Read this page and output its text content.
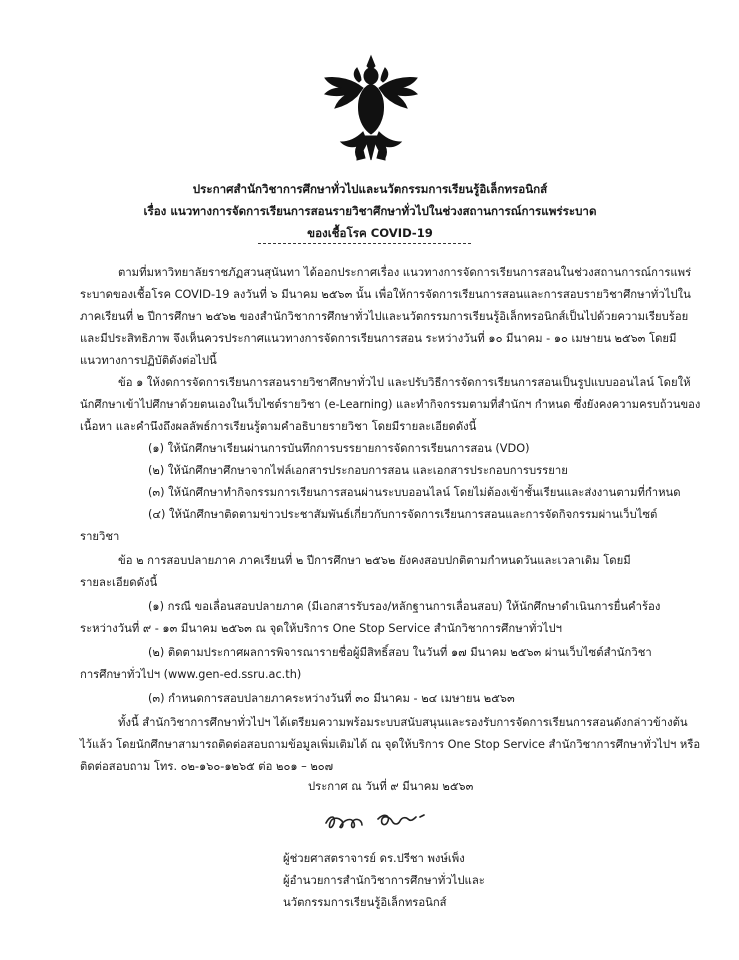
ประกาศสำนักวิชาการศึกษาทั่วไปและนวัตกรรมการเรียนรู้อิเล็กทรอนิกส์
เรื่อง แนวทางการจัดการเรียนการสอนรายวิชาศึกษาทั่วไปในช่วงสถานการณ์การแพร่ระบาด
ของเชื้อโรค COVID-19
ตามที่มหาวิทยาลัยราชภัฏสวนสุนันทา ได้ออกประกาศเรื่อง แนวทางการจัดการเรียนการสอนในช่วงสถานการณ์การแพร่
ระบาดของเชื้อโรค COVID-19 ลงวันที่ ๖ มีนาคม ๒๕๖๓ นั้น เพื่อให้การจัดการเรียนการสอนและการสอบรายวิชาศึกษาทั่วไปใน
ภาคเรียนที่ ๒ ปีการศึกษา ๒๕๖๒ ของสำนักวิชาการศึกษาทั่วไปและนวัตกรรมการเรียนรู้อิเล็กทรอนิกส์เป็นไปด้วยความเรียบร้อย
และมีประสิทธิภาพ จึงเห็นควรประกาศแนวทางการจัดการเรียนการสอน ระหว่างวันที่ ๑๐ มีนาคม - ๑๐ เมษายน ๒๕๖๓ โดยมี
แนวทางการปฏิบัติดังต่อไปนี้
ข้อ ๑ ให้งดการจัดการเรียนการสอนรายวิชาศึกษาทั่วไป และปรับวิธีการจัดการเรียนการสอนเป็นรูปแบบออนไลน์ โดยให้
นักศึกษาเข้าไปศึกษาด้วยตนเองในเว็บไซต์รายวิชา (e-Learning) และทำกิจกรรมตามที่สำนักฯ กำหนด ซึ่งยังคงความครบถ้วนของ
เนื้อหา และคำนึงถึงผลลัพธ์การเรียนรู้ตามคำอธิบายรายวิชา โดยมีรายละเอียดดังนี้
(๑) ให้นักศึกษาเรียนผ่านการบันทึกการบรรยายการจัดการเรียนการสอน (VDO)
(๒) ให้นักศึกษาศึกษาจากไฟล์เอกสารประกอบการสอน และเอกสารประกอบการบรรยาย
(๓) ให้นักศึกษาทำกิจกรรมการเรียนการสอนผ่านระบบออนไลน์ โดยไม่ต้องเข้าชั้นเรียนและส่งงานตามที่กำหนด
(๔) ให้นักศึกษาติดตามข่าวประชาสัมพันธ์เกี่ยวกับการจัดการเรียนการสอนและการจัดกิจกรรมผ่านเว็บไซต์
รายวิชา
ข้อ ๒ การสอบปลายภาค ภาคเรียนที่ ๒ ปีการศึกษา ๒๕๖๒ ยังคงสอบปกติตามกำหนดวันและเวลาเดิม โดยมี
รายละเอียดดังนี้
(๑) กรณี ขอเลื่อนสอบปลายภาค (มีเอกสารรับรอง/หลักฐานการเลื่อนสอบ) ให้นักศึกษาดำเนินการยื่นคำร้อง
ระหว่างวันที่ ๙ - ๑๓ มีนาคม ๒๕๖๓ ณ จุดให้บริการ One Stop Service สำนักวิชาการศึกษาทั่วไปฯ
(๒) ติดตามประกาศผลการพิจารณารายชื่อผู้มีสิทธิ์สอบ ในวันที่ ๑๗ มีนาคม ๒๕๖๓ ผ่านเว็บไซต์สำนักวิชา
การศึกษาทั่วไปฯ (www.gen-ed.ssru.ac.th)
(๓) กำหนดการสอบปลายภาคระหว่างวันที่ ๓๐ มีนาคม - ๒๔ เมษายน ๒๕๖๓
ทั้งนี้ สำนักวิชาการศึกษาทั่วไปฯ ได้เตรียมความพร้อมระบบสนับสนุนและรองรับการจัดการเรียนการสอนดังกล่าวข้างต้น
ไว้แล้ว โดยนักศึกษาสามารถติดต่อสอบถามข้อมูลเพิ่มเติมได้ ณ จุดให้บริการ One Stop Service สำนักวิชาการศึกษาทั่วไปฯ หรือ
ติดต่อสอบถาม โทร. ๐๒-๑๖๐-๑๒๖๕ ต่อ ๒๐๑ – ๒๐๗
ประกาศ ณ วันที่ ๙ มีนาคม ๒๕๖๓
ผู้ช่วยศาสตราจารย์ ดร.ปรีชา พงษ์เพ็ง
ผู้อำนวยการสำนักวิชาการศึกษาทั่วไปและ
นวัตกรรมการเรียนรู้อิเล็กทรอนิกส์
